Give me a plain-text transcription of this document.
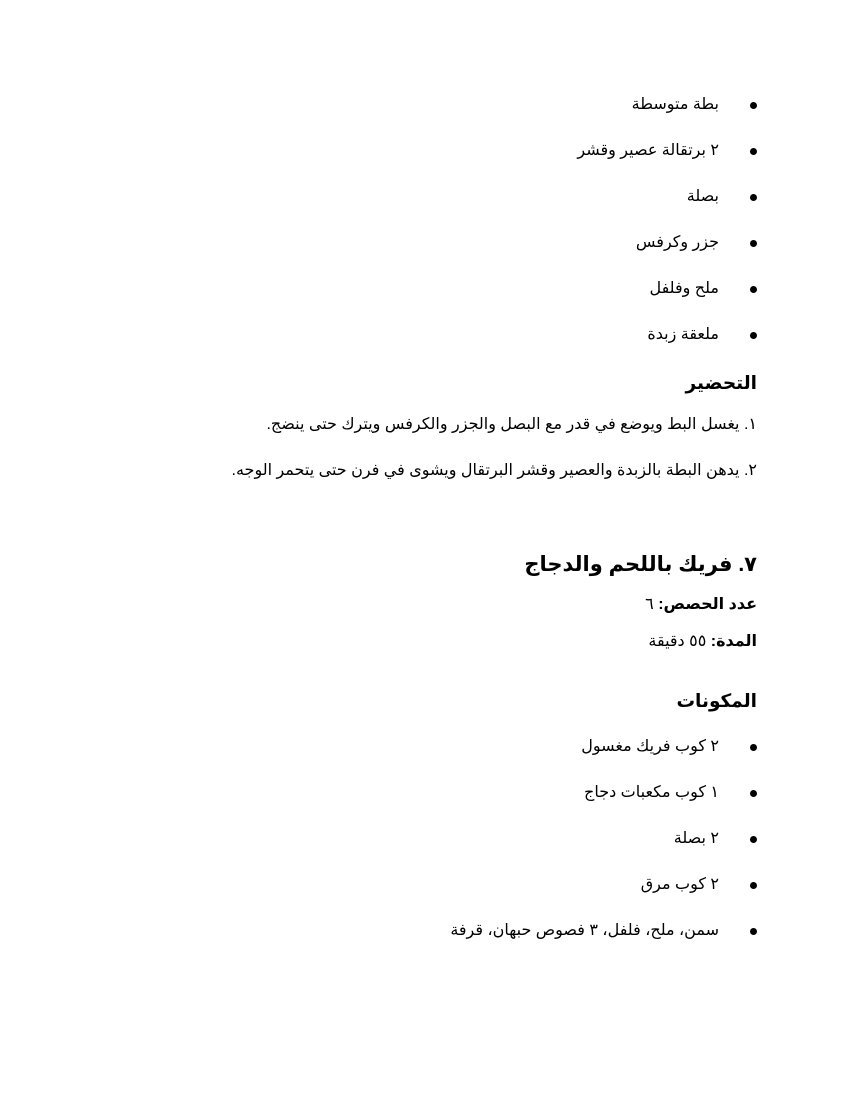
بطة متوسطة
٢ برتقالة عصير وقشر
بصلة
جزر وكرفس
ملح وفلفل
ملعقة زبدة
التحضير
١. يغسل البط ويوضع في قدر مع البصل والجزر والكرفس ويترك حتى ينضج.
٢. يدهن البطة بالزبدة والعصير وقشر البرتقال ويشوى في فرن حتى يتحمر الوجه.
٧. فريك باللحم والدجاج
عدد الحصص: ٦
المدة: ٥٥ دقيقة
المكونات
٢ كوب فريك مغسول
١ كوب مكعبات دجاج
٢ بصلة
٢ كوب مرق
سمن، ملح، فلفل، ٣ فصوص حبهان، قرفة
